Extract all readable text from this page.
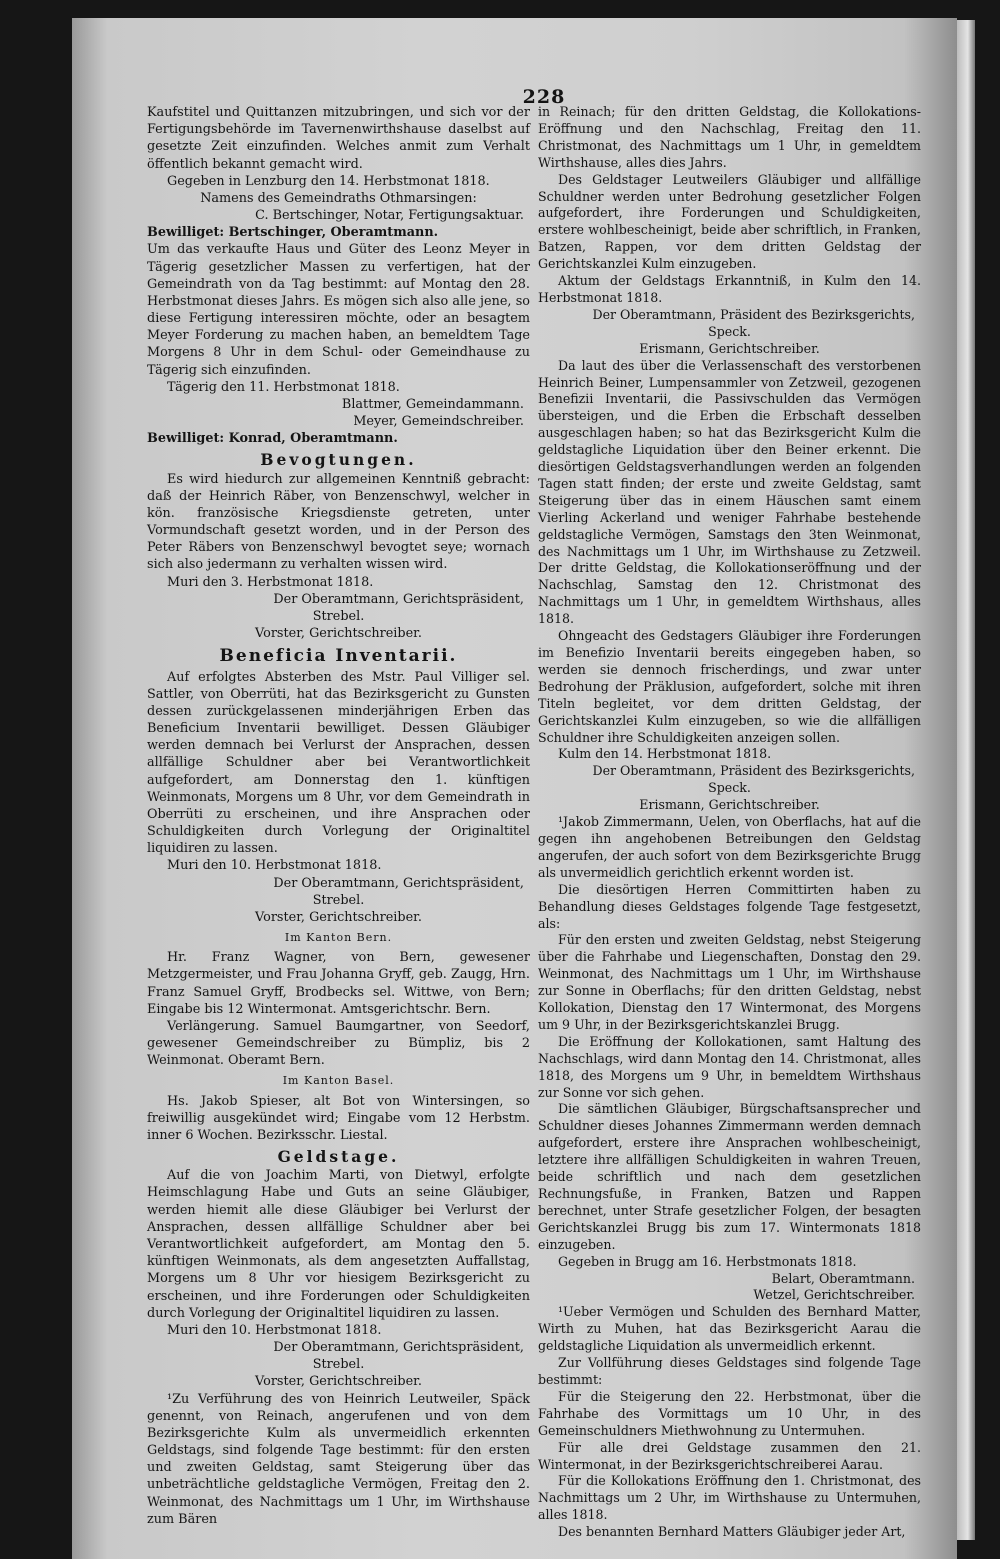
228

Kaufstitel und Quittanzen mitzubringen, und sich vor der Fertigungsbehörde im Tavernenwirthshause daselbst auf gesetzte Zeit einzufinden. Welches anmit zum Verhalt öffentlich bekannt gemacht wird.

Gegeben in Lenzburg den 14. Herbstmonat 1818.

Namens des Gemeindraths Othmarsingen:

C. Bertschinger, Notar, Fertigungsaktuar.

Bewilliget: Bertschinger, Oberamtmann.

Um das verkaufte Haus und Güter des Leonz Meyer in Tägerig gesetzlicher Massen zu verfertigen, hat der Gemeindrath von da Tag bestimmt: auf Montag den 28. Herbstmonat dieses Jahrs. Es mögen sich also alle jene, so diese Fertigung interessiren möchte, oder an besagtem Meyer Forderung zu machen haben, an bemeldtem Tage Morgens 8 Uhr in dem Schul- oder Gemeindhause zu Tägerig sich einzufinden.

Tägerig den 11. Herbstmonat 1818.

Blattmer, Gemeindammann.

Meyer, Gemeindschreiber.

Bewilliget: Konrad, Oberamtmann.

Bevogtungen.

Es wird hiedurch zur allgemeinen Kenntniß gebracht: daß der Heinrich Räber, von Benzenschwyl, welcher in kön. französische Kriegsdienste getreten, unter Vormundschaft gesetzt worden, und in der Person des Peter Räbers von Benzenschwyl bevogtet seye; wornach sich also jedermann zu verhalten wissen wird.

Muri den 3. Herbstmonat 1818.

Der Oberamtmann, Gerichtspräsident,

Strebel.

Vorster, Gerichtschreiber.

Beneficia Inventarii.

Auf erfolgtes Absterben des Mstr. Paul Villiger sel. Sattler, von Oberrüti, hat das Bezirksgericht zu Gunsten dessen zurückgelassenen minderjährigen Erben das Beneficium Inventarii bewilliget. Dessen Gläubiger werden demnach bei Verlurst der Ansprachen, dessen allfällige Schuldner aber bei Verantwortlichkeit aufgefordert, am Donnerstag den 1. künftigen Weinmonats, Morgens um 8 Uhr, vor dem Gemeindrath in Oberrüti zu erscheinen, und ihre Ansprachen oder Schuldigkeiten durch Vorlegung der Originaltitel liquidiren zu lassen.

Muri den 10. Herbstmonat 1818.

Der Oberamtmann, Gerichtspräsident,

Strebel.

Vorster, Gerichtschreiber.

Im Kanton Bern.

Hr. Franz Wagner, von Bern, gewesener Metzgermeister, und Frau Johanna Gryff, geb. Zaugg, Hrn. Franz Samuel Gryff, Brodbecks sel. Wittwe, von Bern; Eingabe bis 12 Wintermonat. Amtsgerichtschr. Bern.

Verlängerung. Samuel Baumgartner, von Seedorf, gewesener Gemeindschreiber zu Bümpliz, bis 2 Weinmonat. Oberamt Bern.

Im Kanton Basel.

Hs. Jakob Spieser, alt Bot von Wintersingen, so freiwillig ausgekündet wird; Eingabe vom 12 Herbstm. inner 6 Wochen. Bezirksschr. Liestal.

Geldstage.

Auf die von Joachim Marti, von Dietwyl, erfolgte Heimschlagung Habe und Guts an seine Gläubiger, werden hiemit alle diese Gläubiger bei Verlurst der Ansprachen, dessen allfällige Schuldner aber bei Verantwortlichkeit aufgefordert, am Montag den 5. künftigen Weinmonats, als dem angesetzten Auffallstag, Morgens um 8 Uhr vor hiesigem Bezirksgericht zu erscheinen, und ihre Forderungen oder Schuldigkeiten durch Vorlegung der Originaltitel liquidiren zu lassen.

Muri den 10. Herbstmonat 1818.

Der Oberamtmann, Gerichtspräsident,

Strebel.

Vorster, Gerichtschreiber.

¹Zu Verführung des von Heinrich Leutweiler, Späck genennt, von Reinach, angerufenen und von dem Bezirksgerichte Kulm als unvermeidlich erkennten Geldstags, sind folgende Tage bestimmt: für den ersten und zweiten Geldstag, samt Steigerung über das unbeträchtliche geldstagliche Vermögen, Freitag den 2. Weinmonat, des Nachmittags um 1 Uhr, im Wirthshause zum Bären

in Reinach; für den dritten Geldstag, die Kollokations-Eröffnung und den Nachschlag, Freitag den 11. Christmonat, des Nachmittags um 1 Uhr, in gemeldtem Wirthshause, alles dies Jahrs.

Des Geldstager Leutweilers Gläubiger und allfällige Schuldner werden unter Bedrohung gesetzlicher Folgen aufgefordert, ihre Forderungen und Schuldigkeiten, erstere wohlbescheinigt, beide aber schriftlich, in Franken, Batzen, Rappen, vor dem dritten Geldstag der Gerichtskanzlei Kulm einzugeben.

Aktum der Geldstags Erkanntniß, in Kulm den 14. Herbstmonat 1818.

Der Oberamtmann, Präsident des Bezirksgerichts,

Speck.

Erismann, Gerichtschreiber.

Da laut des über die Verlassenschaft des verstorbenen Heinrich Beiner, Lumpensammler von Zetzweil, gezogenen Benefizii Inventarii, die Passivschulden das Vermögen übersteigen, und die Erben die Erbschaft desselben ausgeschlagen haben; so hat das Bezirksgericht Kulm die geldstagliche Liquidation über den Beiner erkennt. Die diesörtigen Geldstagsverhandlungen werden an folgenden Tagen statt finden; der erste und zweite Geldstag, samt Steigerung über das in einem Häuschen samt einem Vierling Ackerland und weniger Fahrhabe bestehende geldstagliche Vermögen, Samstags den 3ten Weinmonat, des Nachmittags um 1 Uhr, im Wirthshause zu Zetzweil. Der dritte Geldstag, die Kollokationseröffnung und der Nachschlag, Samstag den 12. Christmonat des Nachmittags um 1 Uhr, in gemeldtem Wirthshaus, alles 1818.

Ohngeacht des Gedstagers Gläubiger ihre Forderungen im Benefizio Inventarii bereits eingegeben haben, so werden sie dennoch frischerdings, und zwar unter Bedrohung der Präklusion, aufgefordert, solche mit ihren Titeln begleitet, vor dem dritten Geldstag, der Gerichtskanzlei Kulm einzugeben, so wie die allfälligen Schuldner ihre Schuldigkeiten anzeigen sollen.

Kulm den 14. Herbstmonat 1818.

Der Oberamtmann, Präsident des Bezirksgerichts,

Speck.

Erismann, Gerichtschreiber.

¹Jakob Zimmermann, Uelen, von Oberflachs, hat auf die gegen ihn angehobenen Betreibungen den Geldstag angerufen, der auch sofort von dem Bezirksgerichte Brugg als unvermeidlich gerichtlich erkennt worden ist.

Die diesörtigen Herren Committirten haben zu Behandlung dieses Geldstages folgende Tage festgesetzt, als:

Für den ersten und zweiten Geldstag, nebst Steigerung über die Fahrhabe und Liegenschaften, Donstag den 29. Weinmonat, des Nachmittags um 1 Uhr, im Wirthshause zur Sonne in Oberflachs; für den dritten Geldstag, nebst Kollokation, Dienstag den 17 Wintermonat, des Morgens um 9 Uhr, in der Bezirksgerichtskanzlei Brugg.

Die Eröffnung der Kollokationen, samt Haltung des Nachschlags, wird dann Montag den 14. Christmonat, alles 1818, des Morgens um 9 Uhr, in bemeldtem Wirthshaus zur Sonne vor sich gehen.

Die sämtlichen Gläubiger, Bürgschaftsansprecher und Schuldner dieses Johannes Zimmermann werden demnach aufgefordert, erstere ihre Ansprachen wohlbescheinigt, letztere ihre allfälligen Schuldigkeiten in wahren Treuen, beide schriftlich und nach dem gesetzlichen Rechnungsfuße, in Franken, Batzen und Rappen berechnet, unter Strafe gesetzlicher Folgen, der besagten Gerichtskanzlei Brugg bis zum 17. Wintermonats 1818 einzugeben.

Gegeben in Brugg am 16. Herbstmonats 1818.

Belart, Oberamtmann.

Wetzel, Gerichtschreiber.

¹Ueber Vermögen und Schulden des Bernhard Matter, Wirth zu Muhen, hat das Bezirksgericht Aarau die geldstagliche Liquidation als unvermeidlich erkennt.

Zur Vollführung dieses Geldstages sind folgende Tage bestimmt:

Für die Steigerung den 22. Herbstmonat, über die Fahrhabe des Vormittags um 10 Uhr, in des Gemeinschuldners Miethwohnung zu Untermuhen.

Für alle drei Geldstage zusammen den 21. Wintermonat, in der Bezirksgerichtschreiberei Aarau.

Für die Kollokations Eröffnung den 1. Christmonat, des Nachmittags um 2 Uhr, im Wirthshause zu Untermuhen, alles 1818.

Des benannten Bernhard Matters Gläubiger jeder Art,
